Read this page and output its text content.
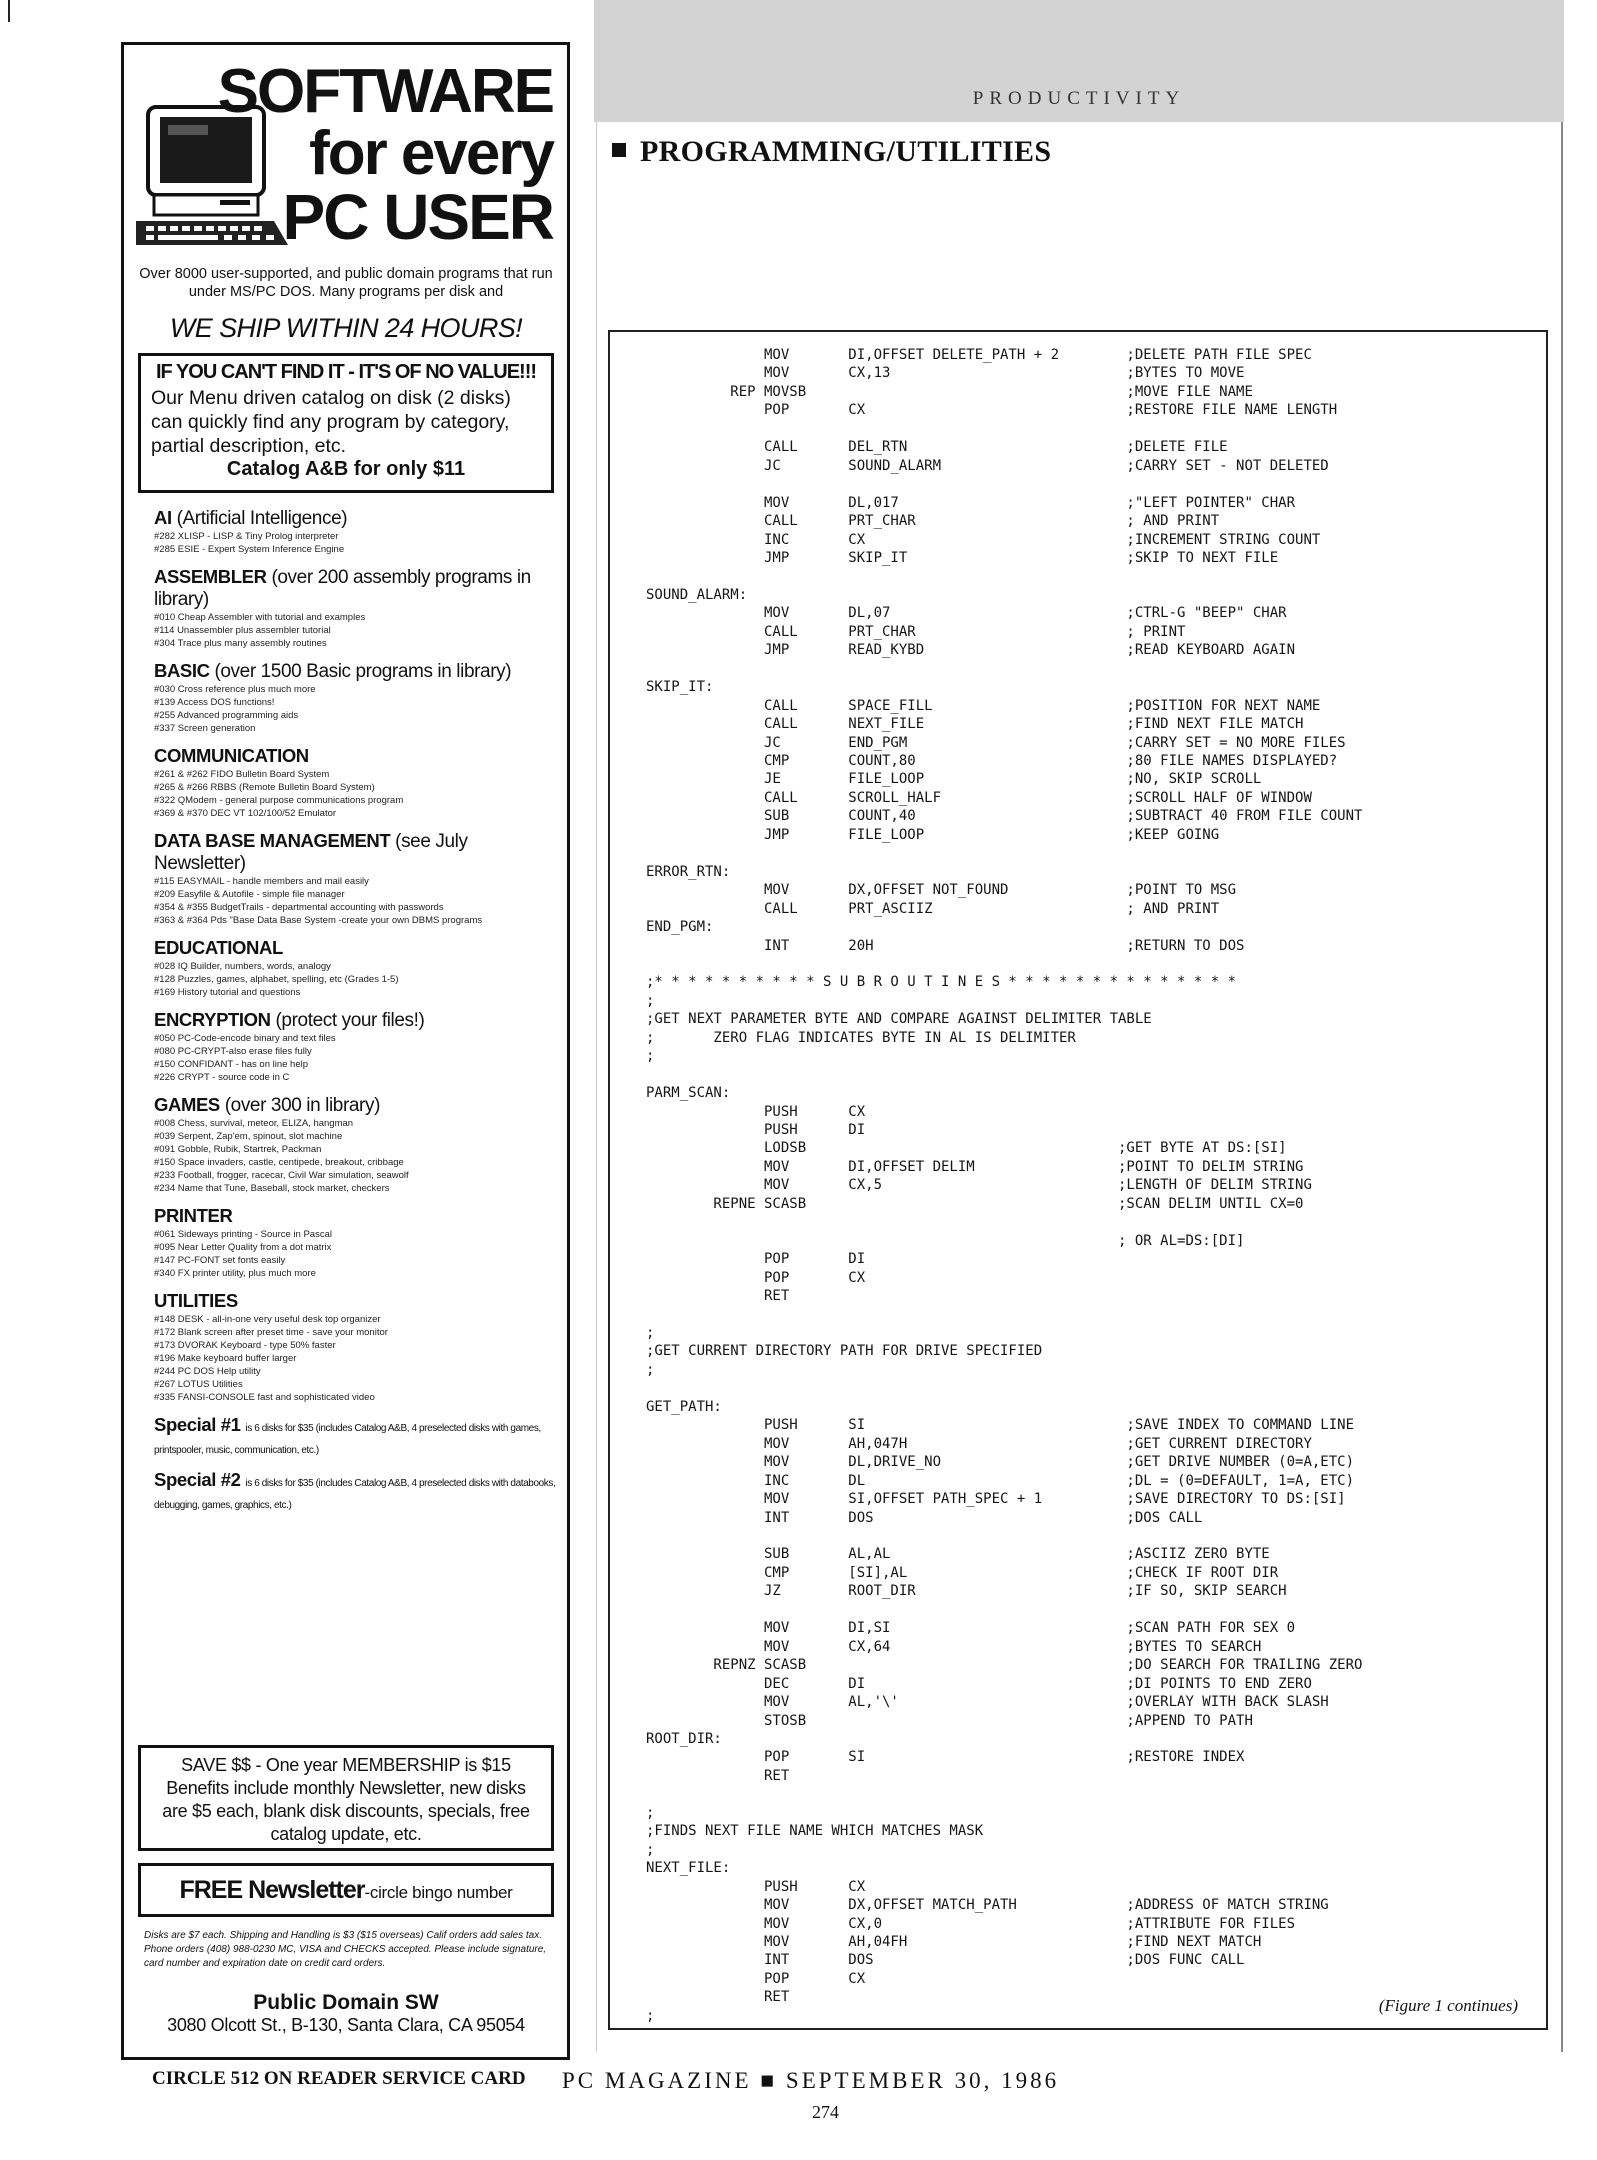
SOFTWARE
for every
PC USER
Over 8000 user-supported, and public domain programs that run under MS/PC DOS. Many programs per disk and
WE SHIP WITHIN 24 HOURS!
IF YOU CAN'T FIND IT - IT'S OF NO VALUE!!!
Our Menu driven catalog on disk (2 disks) can quickly find any program by category, partial description, etc.
Catalog A&B for only $11
AI (Artificial Intelligence)
#282 XLISP - LISP & Tiny Prolog interpreter
#285 ESIE - Expert System Inference Engine
ASSEMBLER (over 200 assembly programs in library)
#010 Cheap Assembler with tutorial and examples
#114 Unassembler plus assembler tutorial
#304 Trace plus many assembly routines
BASIC (over 1500 Basic programs in library)
#030 Cross reference plus much more
#139 Access DOS functions!
#255 Advanced programming aids
#337 Screen generation
COMMUNICATION
#261 & #262 FIDO Bulletin Board System
#265 & #266 RBBS (Remote Bulletin Board System)
#322 QModem - general purpose communications program
#369 & #370 DEC VT 102/100/52 Emulator
DATA BASE MANAGEMENT (see July Newsletter)
#115 EASYMAIL - handle members and mail easily
#209 Easyfile & Autofile - simple file manager
#354 & #355 BudgetTrails - departmental accounting with passwords
#363 & #364 Pds "Base Data Base System -create your own DBMS programs
EDUCATIONAL
#028 IQ Builder, numbers, words, analogy
#128 Puzzles, games, alphabet, spelling, etc (Grades 1-5)
#169 History tutorial and questions
ENCRYPTION (protect your files!)
#050 PC-Code-encode binary and text files
#080 PC-CRYPT-also erase files fully
#150 CONFIDANT - has on line help
#226 CRYPT - source code in C
GAMES (over 300 in library)
#008 Chess, survival, meteor, ELIZA, hangman
#039 Serpent, Zap'em, spinout, slot machine
#091 Gobble, Rubik, Startrek, Packman
#150 Space invaders, castle, centipede, breakout, cribbage
#233 Football, frogger, racecar, Civil War simulation, seawolf
#234 Name that Tune, Baseball, stock market, checkers
PRINTER
#061 Sideways printing - Source in Pascal
#095 Near Letter Quality from a dot matrix
#147 PC-FONT set fonts easily
#340 FX printer utility, plus much more
UTILITIES
#148 DESK - all-in-one very useful desk top organizer
#172 Blank screen after preset time - save your monitor
#173 DVORAK Keyboard - type 50% faster
#196 Make keyboard buffer larger
#244 PC DOS Help utility
#267 LOTUS Utilities
#335 FANSI-CONSOLE fast and sophisticated video
Special #1 is 6 disks for $35 (includes Catalog A&B, 4 preselected disks with games, printspooler, music, communication, etc.)
Special #2 is 6 disks for $35 (includes Catalog A&B, 4 preselected disks with databooks, debugging, games, graphics, etc.)
SAVE $$ - One year MEMBERSHIP is $15 Benefits include monthly Newsletter, new disks are $5 each, blank disk discounts, specials, free catalog update, etc.
FREE Newsletter-circle bingo number
Disks are $7 each. Shipping and Handling is $3 ($15 overseas) Calif orders add sales tax. Phone orders (408) 988-0230 MC, VISA and CHECKS accepted. Please include signature, card number and expiration date on credit card orders.
Public Domain SW
3080 Olcott St., B-130, Santa Clara, CA 95054
PRODUCTIVITY
PROGRAMMING/UTILITIES
MOV       DI,OFFSET DELETE_PATH + 2        ;DELETE PATH FILE SPEC
MOV       CX,13                            ;BYTES TO MOVE
REP MOVSB                                      ;MOVE FILE NAME
POP       CX                               ;RESTORE FILE NAME LENGTH

CALL      DEL_RTN                          ;DELETE FILE
JC        SOUND_ALARM                      ;CARRY SET - NOT DELETED

MOV       DL,017                           ;"LEFT POINTER" CHAR
CALL      PRT_CHAR                         ; AND PRINT
INC       CX                               ;INCREMENT STRING COUNT
JMP       SKIP_IT                          ;SKIP TO NEXT FILE

SOUND_ALARM:
MOV       DL,07                            ;CTRL-G "BEEP" CHAR
CALL      PRT_CHAR                         ; PRINT
JMP       READ_KYBD                        ;READ KEYBOARD AGAIN

SKIP_IT:
CALL      SPACE_FILL                       ;POSITION FOR NEXT NAME
CALL      NEXT_FILE                        ;FIND NEXT FILE MATCH
JC        END_PGM                          ;CARRY SET = NO MORE FILES
CMP       COUNT,80                         ;80 FILE NAMES DISPLAYED?
JE        FILE_LOOP                        ;NO, SKIP SCROLL
CALL      SCROLL_HALF                      ;SCROLL HALF OF WINDOW
SUB       COUNT,40                         ;SUBTRACT 40 FROM FILE COUNT
JMP       FILE_LOOP                        ;KEEP GOING

ERROR_RTN:
MOV       DX,OFFSET NOT_FOUND              ;POINT TO MSG
CALL      PRT_ASCIIZ                       ; AND PRINT
END_PGM:
INT       20H                              ;RETURN TO DOS

;* * * * * * * * * * S U B R O U T I N E S * * * * * * * * * * * * * *
;
;GET NEXT PARAMETER BYTE AND COMPARE AGAINST DELIMITER TABLE
;       ZERO FLAG INDICATES BYTE IN AL IS DELIMITER
;

PARM_SCAN:
PUSH      CX
PUSH      DI
LODSB                                     ;GET BYTE AT DS:[SI]
MOV       DI,OFFSET DELIM                 ;POINT TO DELIM STRING
MOV       CX,5                            ;LENGTH OF DELIM STRING
REPNE SCASB                                     ;SCAN DELIM UNTIL CX=0

; OR AL=DS:[DI]
POP       DI
POP       CX
RET

;
;GET CURRENT DIRECTORY PATH FOR DRIVE SPECIFIED
;

GET_PATH:
PUSH      SI                               ;SAVE INDEX TO COMMAND LINE
MOV       AH,047H                          ;GET CURRENT DIRECTORY
MOV       DL,DRIVE_NO                      ;GET DRIVE NUMBER (0=A,ETC)
INC       DL                               ;DL = (0=DEFAULT, 1=A, ETC)
MOV       SI,OFFSET PATH_SPEC + 1          ;SAVE DIRECTORY TO DS:[SI]
INT       DOS                              ;DOS CALL

SUB       AL,AL                            ;ASCIIZ ZERO BYTE
CMP       [SI],AL                          ;CHECK IF ROOT DIR
JZ        ROOT_DIR                         ;IF SO, SKIP SEARCH

MOV       DI,SI                            ;SCAN PATH FOR SEX 0
MOV       CX,64                            ;BYTES TO SEARCH
REPNZ SCASB                                      ;DO SEARCH FOR TRAILING ZERO
DEC       DI                               ;DI POINTS TO END ZERO
MOV       AL,'\'                           ;OVERLAY WITH BACK SLASH
STOSB                                      ;APPEND TO PATH
ROOT_DIR:
POP       SI                               ;RESTORE INDEX
RET

;
;FINDS NEXT FILE NAME WHICH MATCHES MASK
;
NEXT_FILE:
PUSH      CX
MOV       DX,OFFSET MATCH_PATH             ;ADDRESS OF MATCH STRING
MOV       CX,0                             ;ATTRIBUTE FOR FILES
MOV       AH,04FH                          ;FIND NEXT MATCH
INT       DOS                              ;DOS FUNC CALL
POP       CX
RET
;
(Figure 1 continues)
CIRCLE 512 ON READER SERVICE CARD PC MAGAZINE ■ SEPTEMBER 30, 1986
274
